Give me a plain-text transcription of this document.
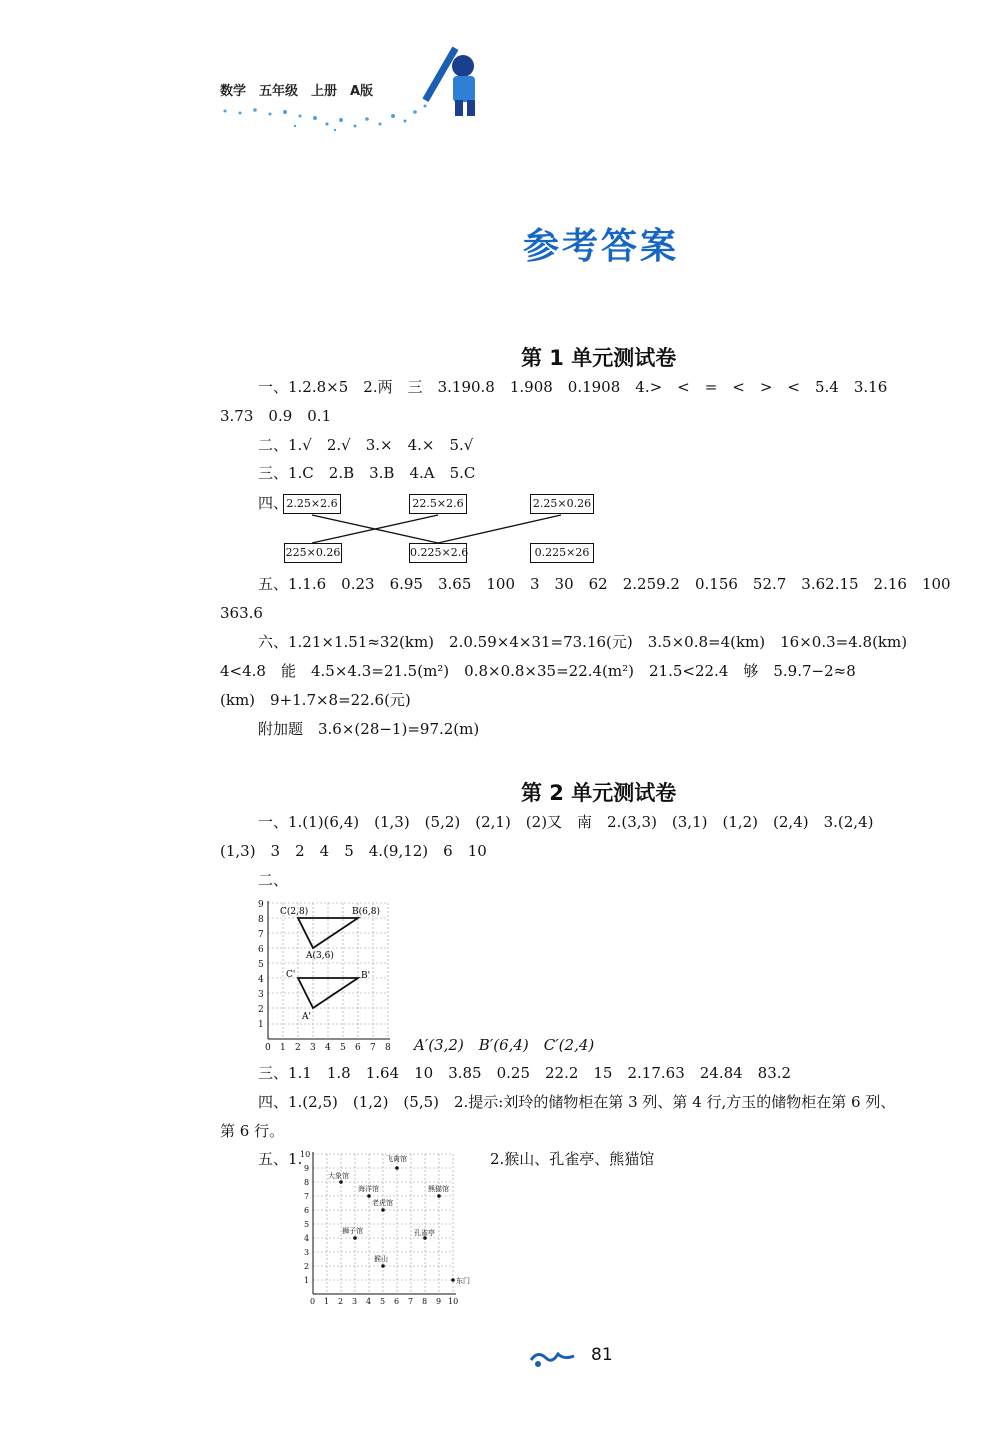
数学　五年级　上册　A版
参考答案
第 1 单元测试卷
一、1.2.8×5　2.两　三　3.190.8　1.908　0.1908　4.>　<　=　<　>　<　5.4　3.16
3.73　0.9　0.1
二、1.√　2.√　3.×　4.×　5.√
三、1.C　2.B　3.B　4.A　5.C
四、
2.25×2.6	22.5×2.6	2.25×0.26
225×0.26	0.225×2.6	0.225×26
五、1.1.6　0.23　6.95　3.65　100　3　30　62　2.259.2　0.156　52.7　3.62.15　2.16　100
363.6
六、1.21×1.51≈32(km)　2.0.59×4×31=73.16(元)　3.5×0.8=4(km)　16×0.3=4.8(km)
4<4.8　能　4.5×4.3=21.5(m²)　0.8×0.8×35=22.4(m²)　21.5<22.4　够　5.9.7−2≈8
(km)　9+1.7×8=22.6(元)
附加题　3.6×(28−1)=97.2(m)
第 2 单元测试卷
一、1.(1)(6,4)　(1,3)　(5,2)　(2,1)　(2)又　南　2.(3,3)　(3,1)　(1,2)　(2,4)　3.(2,4)
(1,3)　3　2　4　5　4.(9,12)　6　10
二、
0 1 2 3 4 5 6 7 8
1
2
3
4
5
6
7
8
9
C(2,8)	B(6,8)
A(3,6)
C'	B'
A'
A′(3,2)　B′(6,4)　C′(2,4)
三、1.1　1.8　1.64　10　3.85　0.25　22.2　15　2.17.63　24.84　83.2
四、1.(2,5)　(1,2)　(5,5)　2.提示:刘玲的储物柜在第 3 列、第 4 行,方玉的储物柜在第 6 列、
第 6 行。
五、1.	2.猴山、孔雀亭、熊猫馆
0 1 2 3 4 5 6 7 8 9 10
1
2
3
4
5
6
7
8
9
10
大象馆
飞禽馆
海洋馆	熊猫馆
老虎馆
狮子馆	孔雀亭
猴山
东门
81
